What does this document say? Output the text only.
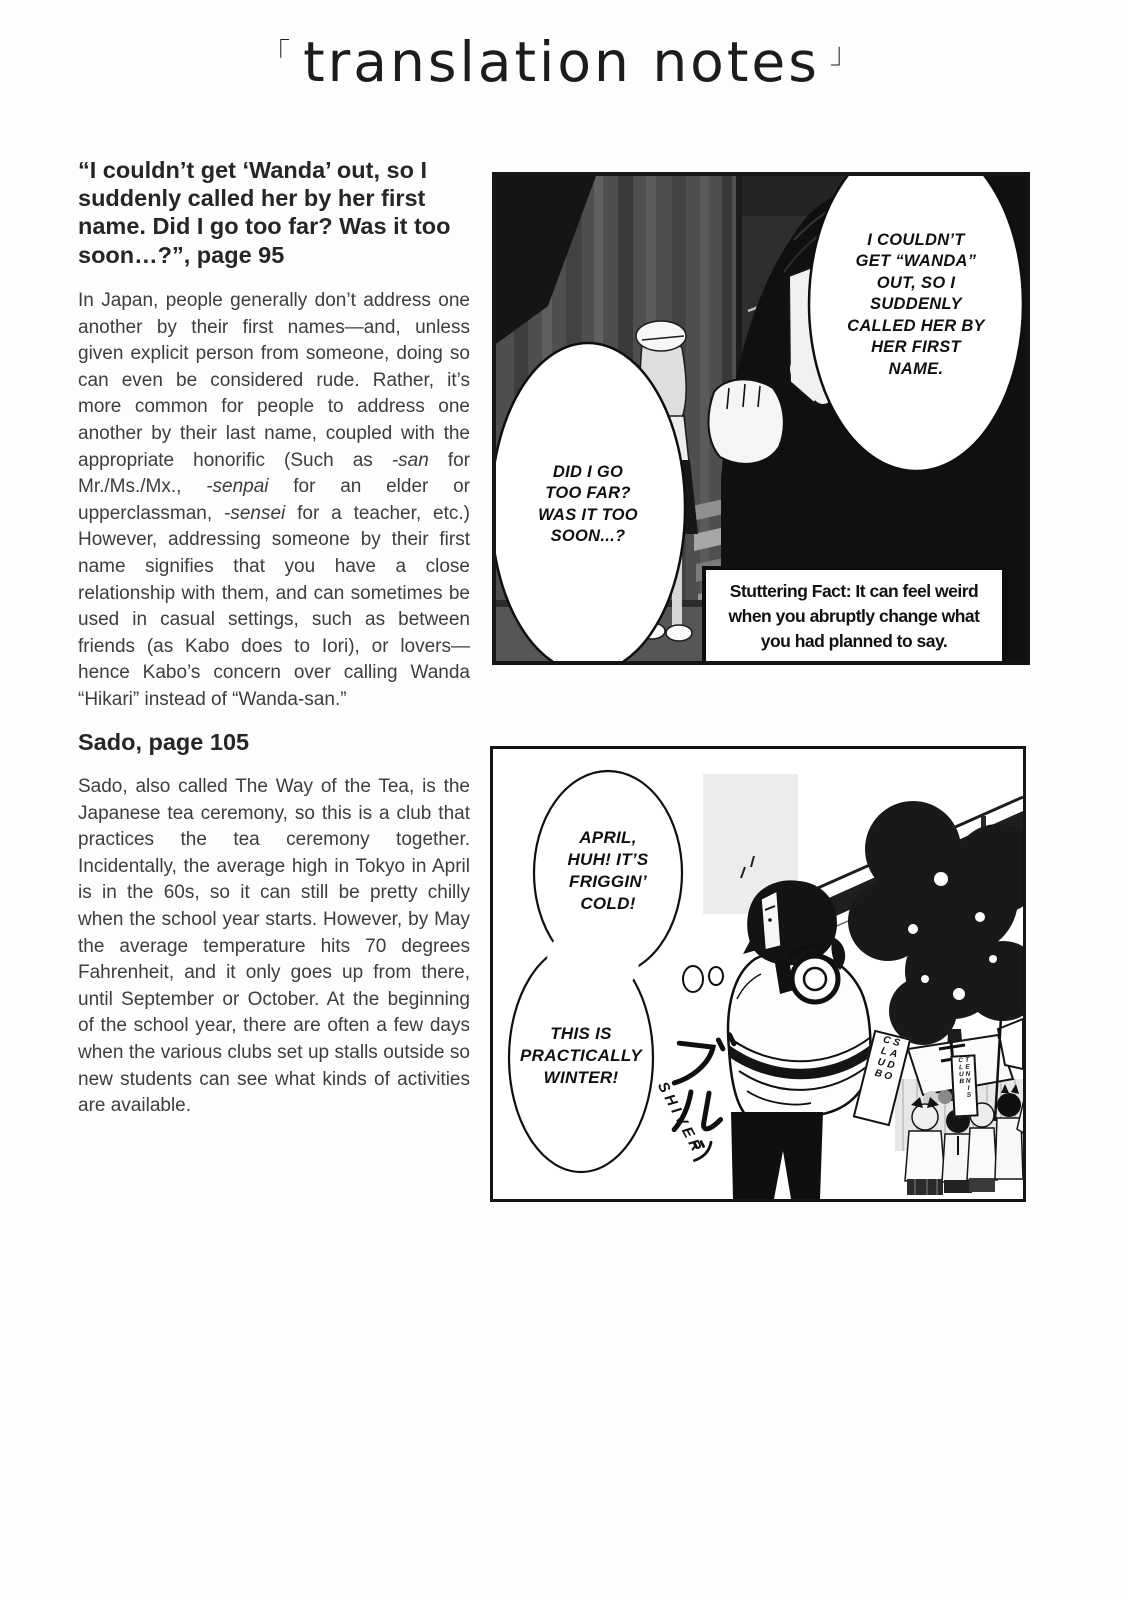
「 translation notes 」
“I couldn’t get ‘Wanda’ out, so I suddenly called her by her first name. Did I go too far? Was it too soon…?”, page 95

In Japan, people generally don’t address one another by their first names—and, unless given explicit person from someone, doing so can even be considered rude. Rather, it’s more common for people to address one another by their last name, coupled with the appropriate honorific (Such as -san for Mr./Ms./Mx., -senpai for an elder or upperclassman, -sensei for a teacher, etc.) However, addressing someone by their first name signifies that you have a close relationship with them, and can sometimes be used in casual settings, such as between friends (as Kabo does to Iori), or lovers—hence Kabo’s concern over calling Wanda “Hikari” instead of “Wanda-san.”

Sado, page 105

Sado, also called The Way of the Tea, is the Japanese tea ceremony, so this is a club that practices the tea ceremony together. Incidentally, the average high in Tokyo in April is in the 60s, so it can still be pretty chilly when the school year starts. However, by May the average temperature hits 70 degrees Fahrenheit, and it only goes up from there, until September or October. At the beginning of the school year, there are often a few days when the various clubs set up stalls outside so new students can see what kinds of activities are available.

I COULDN’T
GET “WANDA”
OUT, SO I
SUDDENLY
CALLED HER BY
HER FIRST
NAME.
DID I GO
TOO FAR?
WAS IT TOO
SOON...?
Stuttering Fact: It can feel weird when you abruptly change what you had planned to say.
APRIL,
HUH! IT’S
FRIGGIN’
COLD!
THIS IS
PRACTICALLY
WINTER!
SHIVER
SADO CLUB	TENNIS CLUB
